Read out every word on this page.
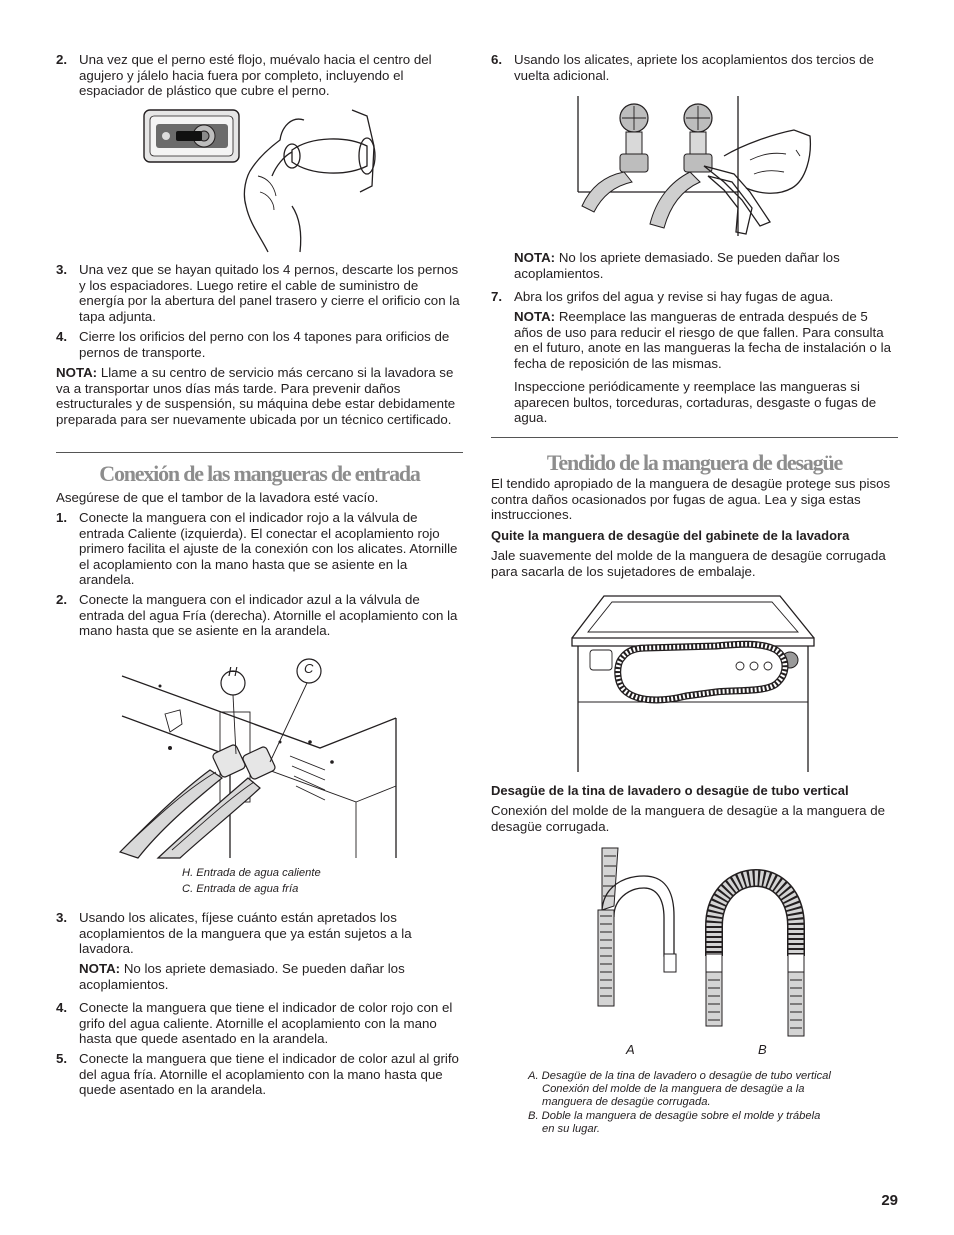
2. Una vez que el perno esté flojo, muévalo hacia el centro del agujero y jálelo hacia fuera por completo, incluyendo el espaciador de plástico que cubre el perno.
3. Una vez que se hayan quitado los 4 pernos, descarte los pernos y los espaciadores. Luego retire el cable de suministro de energía por la abertura del panel trasero y cierre el orificio con la tapa adjunta.
4. Cierre los orificios del perno con los 4 tapones para orificios de pernos de transporte.

NOTA: Llame a su centro de servicio más cercano si la lavadora se va a transportar unos días más tarde. Para prevenir daños estructurales y de suspensión, su máquina debe estar debidamente preparada para ser nuevamente ubicada por un técnico certificado.

Conexión de las mangueras de entrada

Asegúrese de que el tambor de la lavadora esté vacío.

1. Conecte la manguera con el indicador rojo a la válvula de entrada Caliente (izquierda). El conectar el acoplamiento rojo primero facilita el ajuste de la conexión con los alicates. Atornille el acoplamiento con la mano hasta que se asiente en la arandela.
2. Conecte la manguera con el indicador azul a la válvula de entrada del agua Fría (derecha). Atornille el acoplamiento con la mano hasta que se asiente en la arandela.
H	C
H. Entrada de agua caliente
C. Entrada de agua fría
3. Usando los alicates, fíjese cuánto están apretados los acoplamientos de la manguera que ya están sujetos a la lavadora.

NOTA: No los apriete demasiado. Se pueden dañar los acoplamientos.

4. Conecte la manguera que tiene el indicador de color rojo con el grifo del agua caliente. Atornille el acoplamiento con la mano hasta que quede asentado en la arandela.
5. Conecte la manguera que tiene el indicador de color azul al grifo del agua fría. Atornille el acoplamiento con la mano hasta que quede asentado en la arandela.
6. Usando los alicates, apriete los acoplamientos dos tercios de vuelta adicional.

NOTA: No los apriete demasiado. Se pueden dañar los acoplamientos.

7. Abra los grifos del agua y revise si hay fugas de agua.

NOTA: Reemplace las mangueras de entrada después de 5 años de uso para reducir el riesgo de que fallen. Para consulta en el futuro, anote en las mangueras la fecha de instalación o la fecha de reposición de las mismas.

Inspeccione periódicamente y reemplace las mangueras si aparecen bultos, torceduras, cortaduras, desgaste o fugas de agua.

Tendido de la manguera de desagüe

El tendido apropiado de la manguera de desagüe protege sus pisos contra daños ocasionados por fugas de agua. Lea y siga estas instrucciones.

Quite la manguera de desagüe del gabinete de la lavadora

Jale suavemente del molde de la manguera de desagüe corrugada para sacarla de los sujetadores de embalaje.

Desagüe de la tina de lavadero o desagüe de tubo vertical

Conexión del molde de la manguera de desagüe a la manguera de desagüe corrugada.

A	B
A. Desagüe de la tina de lavadero o desagüe de tubo vertical
Conexión del molde de la manguera de desagüe a la
manguera de desagüe corrugada.
B. Doble la manguera de desagüe sobre el molde y trábela
en su lugar.
29
